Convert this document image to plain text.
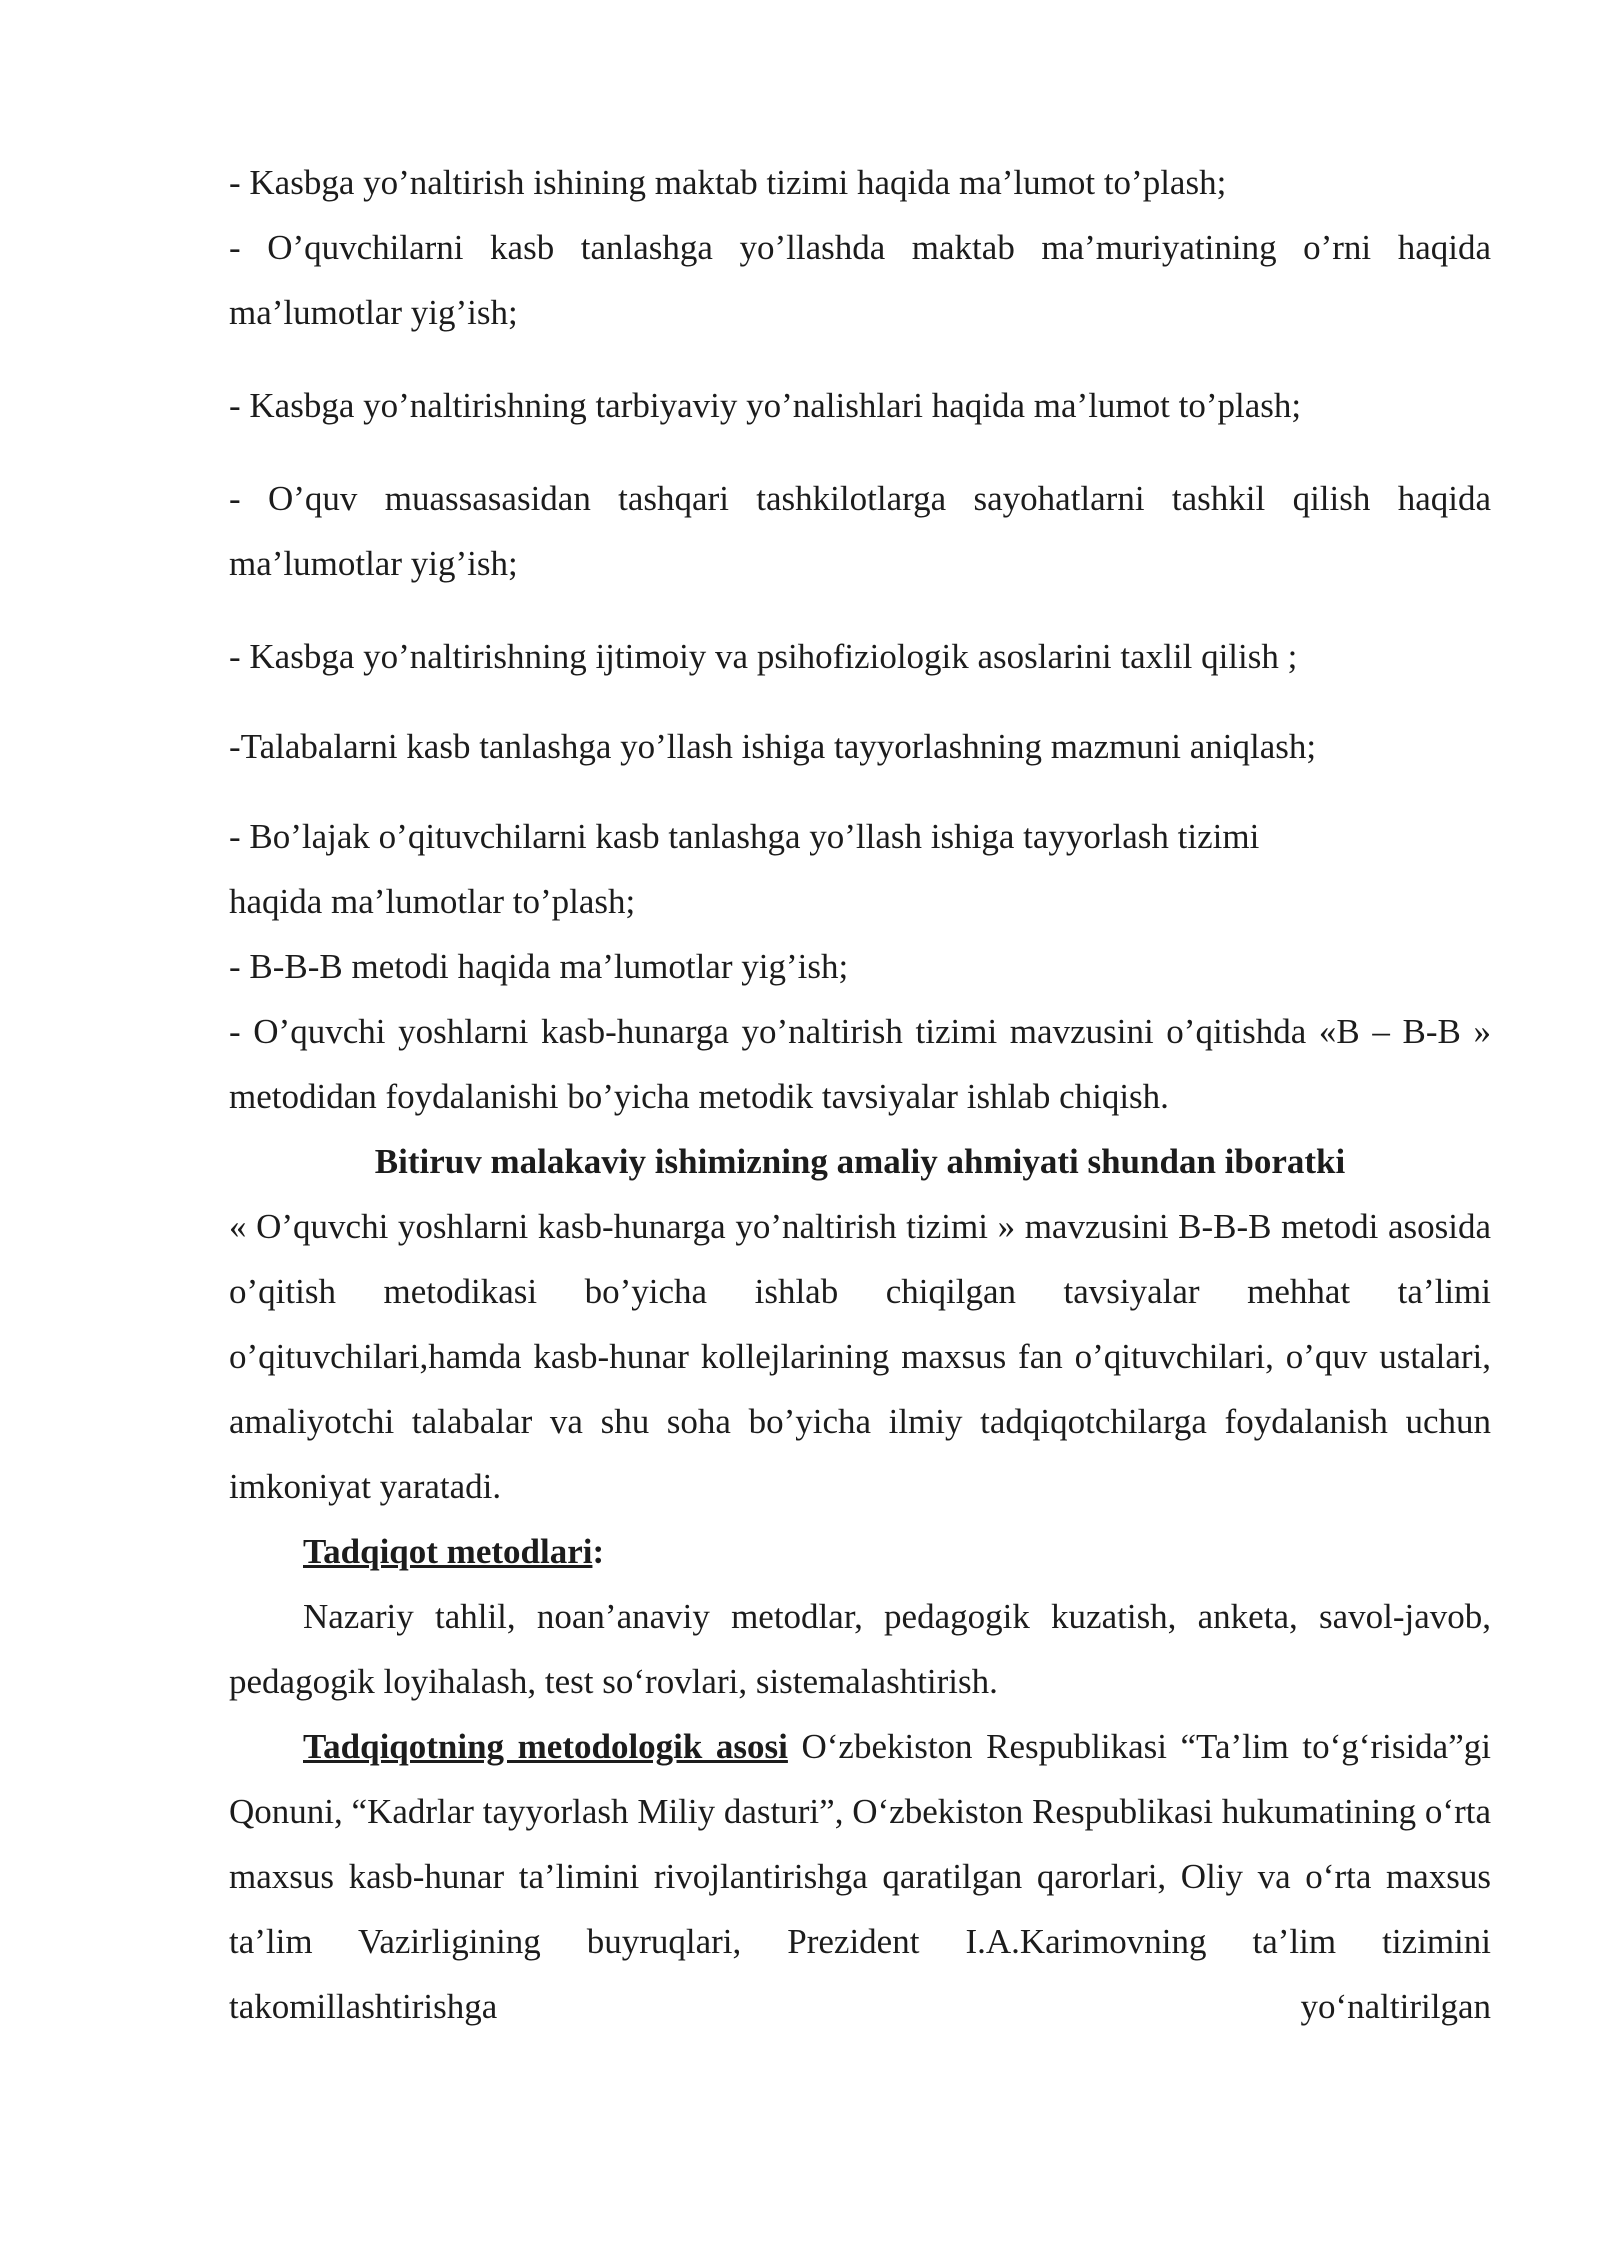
- Kasbga yo’naltirish ishining maktab tizimi haqida ma’lumot to’plash;

- O’quvchilarni kasb tanlashga yo’llashda maktab ma’muriyatining o’rni haqida ma’lumotlar yig’ish;

- Kasbga yo’naltirishning tarbiyaviy yo’nalishlari haqida ma’lumot to’plash;

- O’quv muassasasidan tashqari tashkilotlarga sayohatlarni tashkil qilish haqida ma’lumotlar yig’ish;

- Kasbga yo’naltirishning ijtimoiy va psihofiziologik asoslarini taxlil qilish ;

-Talabalarni kasb tanlashga yo’llash ishiga tayyorlashning mazmuni aniqlash;

- Bo’lajak o’qituvchilarni kasb tanlashga yo’llash ishiga tayyorlash tizimi

haqida ma’lumotlar to’plash;

- B-B-B metodi haqida ma’lumotlar yig’ish;

- O’quvchi yoshlarni kasb-hunarga yo’naltirish tizimi mavzusini o’qitishda «B – B-B » metodidan foydalanishi bo’yicha metodik tavsiyalar ishlab chiqish.

Bitiruv malakaviy ishimizning amaliy ahmiyati shundan iboratki

« O’quvchi yoshlarni kasb-hunarga yo’naltirish tizimi » mavzusini B-B-B metodi asosida o’qitish metodikasi bo’yicha ishlab chiqilgan tavsiyalar mehhat ta’limi o’qituvchilari,hamda kasb-hunar kollejlarining maxsus fan o’qituvchilari, o’quv ustalari, amaliyotchi talabalar va shu soha bo’yicha ilmiy tadqiqotchilarga foydalanish uchun imkoniyat yaratadi.

Tadqiqot metodlari:

Nazariy tahlil, noan’anaviy metodlar, pedagogik kuzatish, anketa, savol-javob, pedagogik loyihalash, test so‘rovlari, sistemalashtirish.

Tadqiqotning metodologik asosi O‘zbekiston Respublikasi “Ta’lim to‘g‘risida”gi Qonuni, “Kadrlar tayyorlash Miliy dasturi”, O‘zbekiston Respublikasi hukumatining o‘rta maxsus kasb-hunar ta’limini rivojlantirishga qaratilgan qarorlari, Oliy va o‘rta maxsus ta’lim Vazirligining buyruqlari, Prezident I.A.Karimovning ta’lim tizimini takomillashtirishga yo‘naltirilgan
